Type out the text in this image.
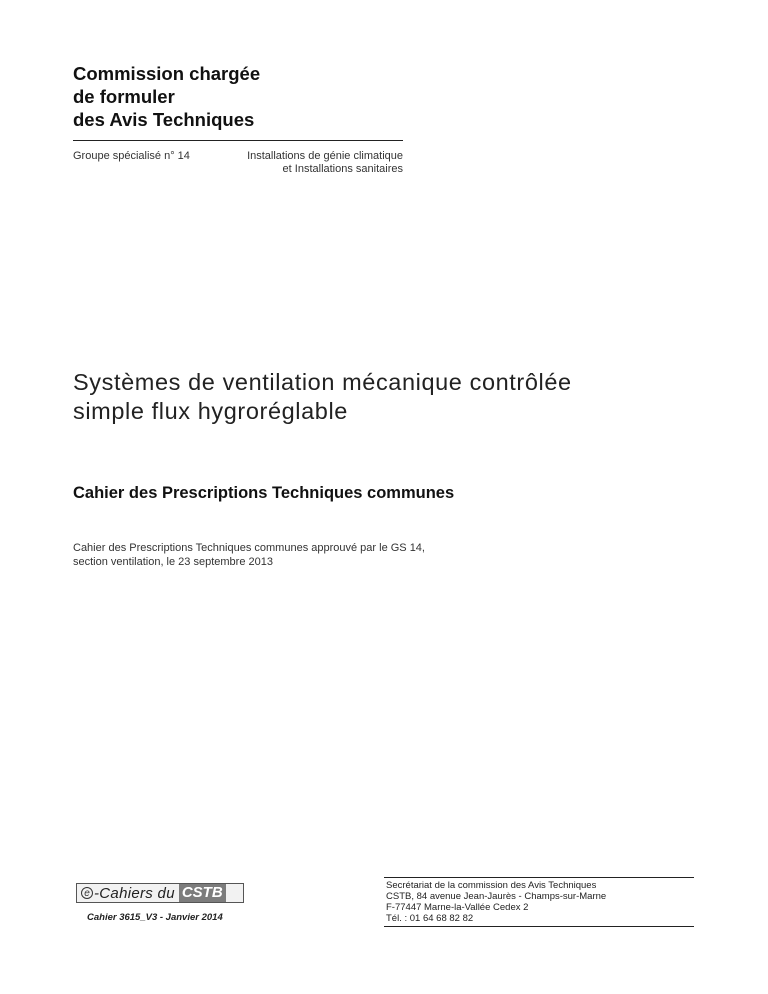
Commission chargée
de formuler
des Avis Techniques
Groupe spécialisé n° 14	Installations de génie climatique
et Installations sanitaires
Systèmes de ventilation mécanique contrôlée
simple flux hygroréglable
Cahier des Prescriptions Techniques communes
Cahier des Prescriptions Techniques communes approuvé par le GS 14,
section ventilation, le 23 septembre 2013
e -Cahiers du CSTB
Cahier 3615_V3 - Janvier 2014
Secrétariat de la commission des Avis Techniques
CSTB, 84 avenue Jean-Jaurès - Champs-sur-Marne
F-77447 Marne-la-Vallée Cedex 2
Tél. : 01 64 68 82 82
